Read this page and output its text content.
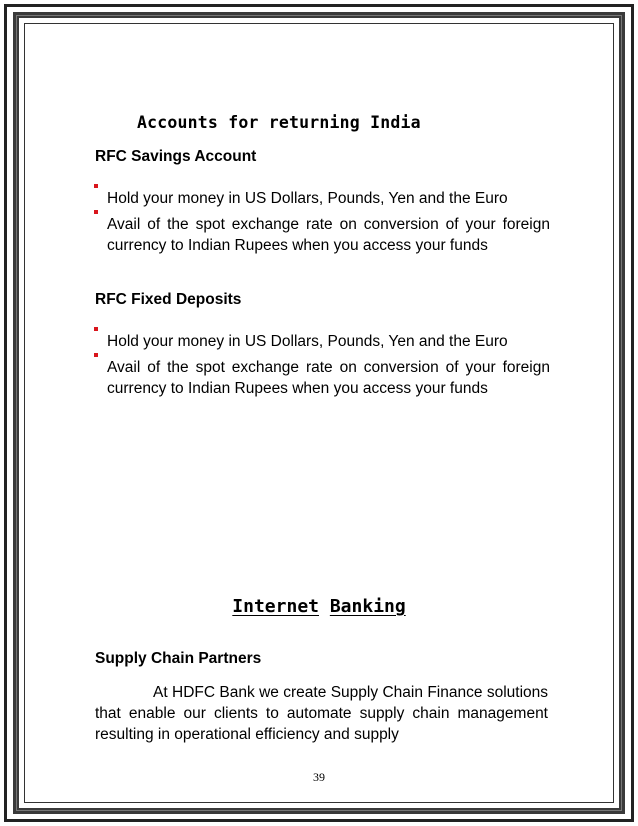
Accounts for returning India
RFC Savings Account
Hold your money in US Dollars, Pounds, Yen and the Euro
Avail of the spot exchange rate on conversion of your foreign currency to Indian Rupees when you access your funds
RFC Fixed Deposits
Hold your money in US Dollars, Pounds, Yen and the Euro
Avail of the spot exchange rate on conversion of your foreign currency to Indian Rupees when you access your funds
Internet Banking
Supply Chain Partners
At HDFC Bank we create Supply Chain Finance solutions that enable our clients to automate supply chain management resulting in operational efficiency and supply
39
